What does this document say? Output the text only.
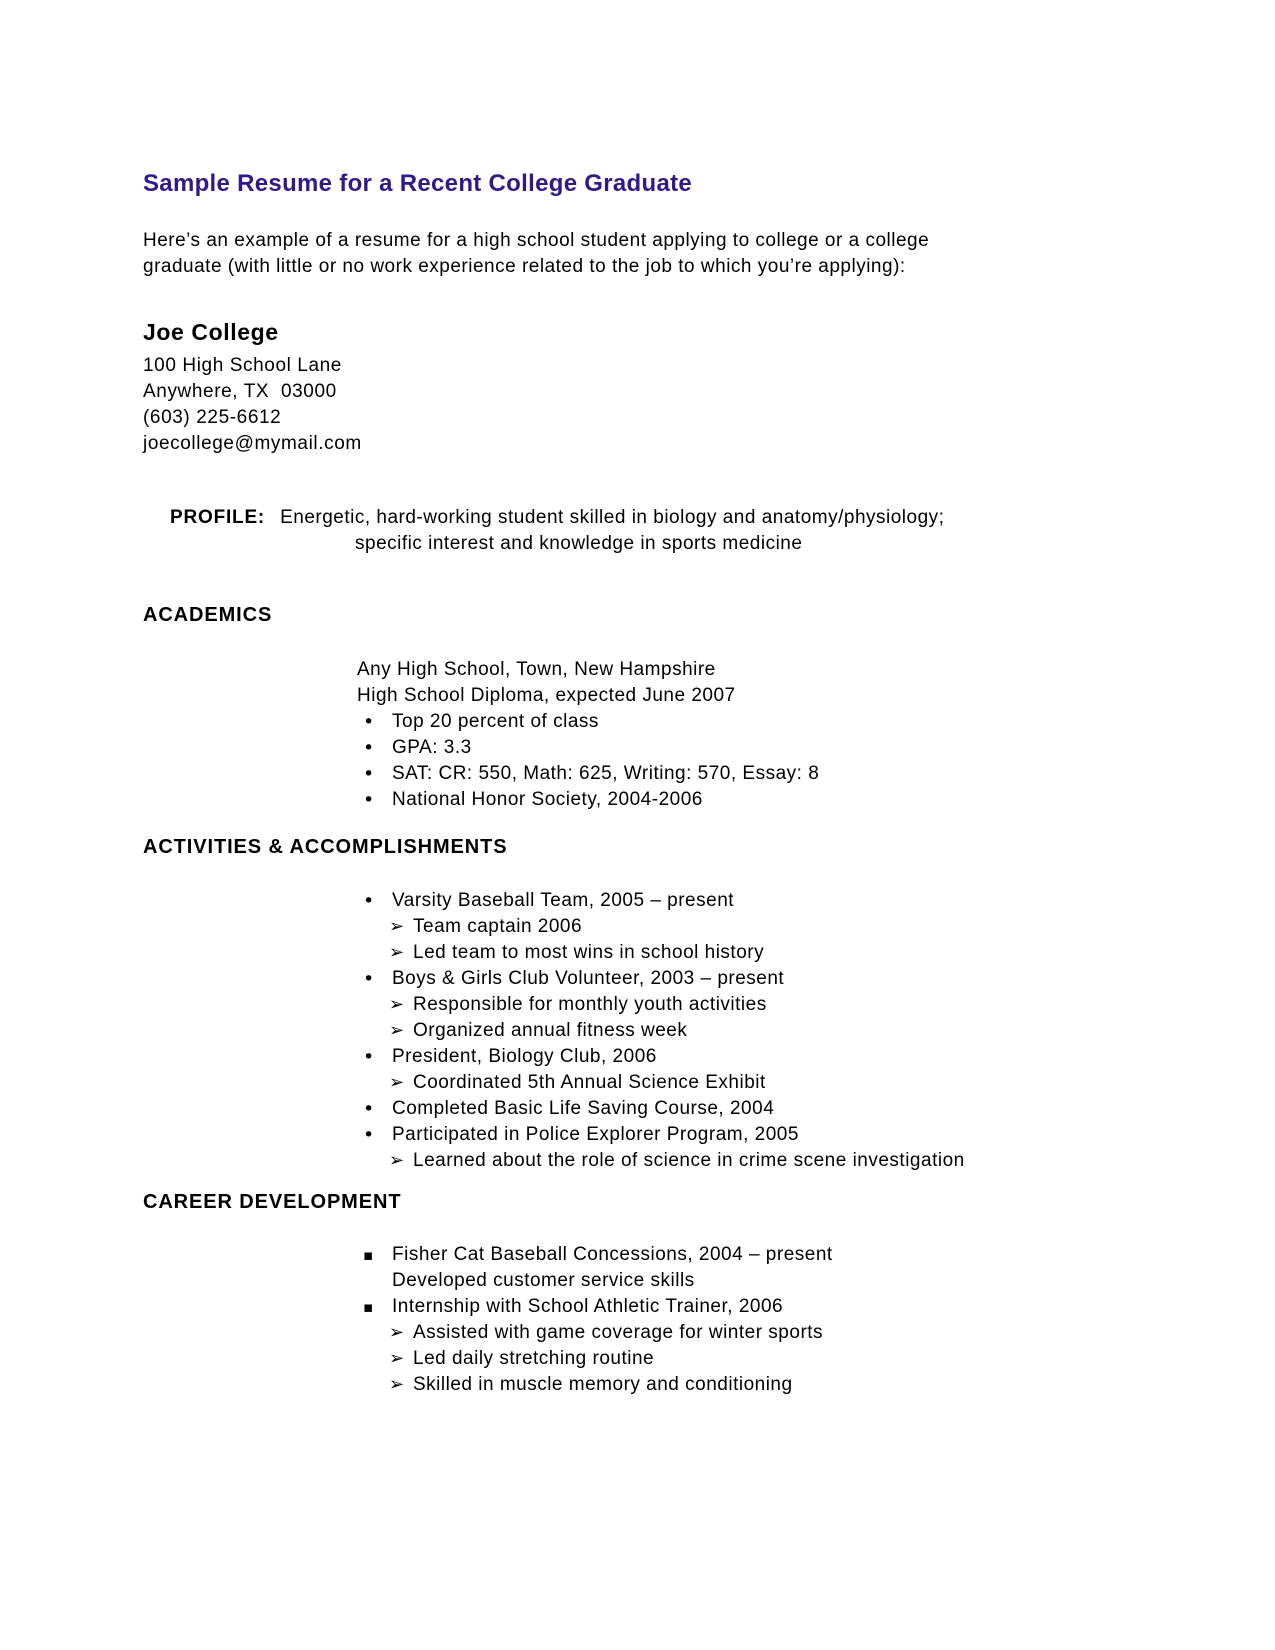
Sample Resume for a Recent College Graduate
Here’s an example of a resume for a high school student applying to college or a college
graduate (with little or no work experience related to the job to which you’re applying):
Joe College
100 High School Lane
Anywhere, TX  03000
(603) 225-6612
joecollege@mymail.com
PROFILE: Energetic, hard-working student skilled in biology and anatomy/physiology;
specific interest and knowledge in sports medicine
ACADEMICS
Any High School, Town, New Hampshire
High School Diploma, expected June 2007
• Top 20 percent of class
• GPA: 3.3
• SAT: CR: 550, Math: 625, Writing: 570, Essay: 8
• National Honor Society, 2004-2006
ACTIVITIES & ACCOMPLISHMENTS
• Varsity Baseball Team, 2005 – present
➢ Team captain 2006
➢ Led team to most wins in school history
• Boys & Girls Club Volunteer, 2003 – present
➢ Responsible for monthly youth activities
➢ Organized annual fitness week
• President, Biology Club, 2006
➢ Coordinated 5th Annual Science Exhibit
• Completed Basic Life Saving Course, 2004
• Participated in Police Explorer Program, 2005
➢ Learned about the role of science in crime scene investigation
CAREER DEVELOPMENT
▪ Fisher Cat Baseball Concessions, 2004 – present
Developed customer service skills
▪ Internship with School Athletic Trainer, 2006
➢ Assisted with game coverage for winter sports
➢ Led daily stretching routine
➢ Skilled in muscle memory and conditioning
